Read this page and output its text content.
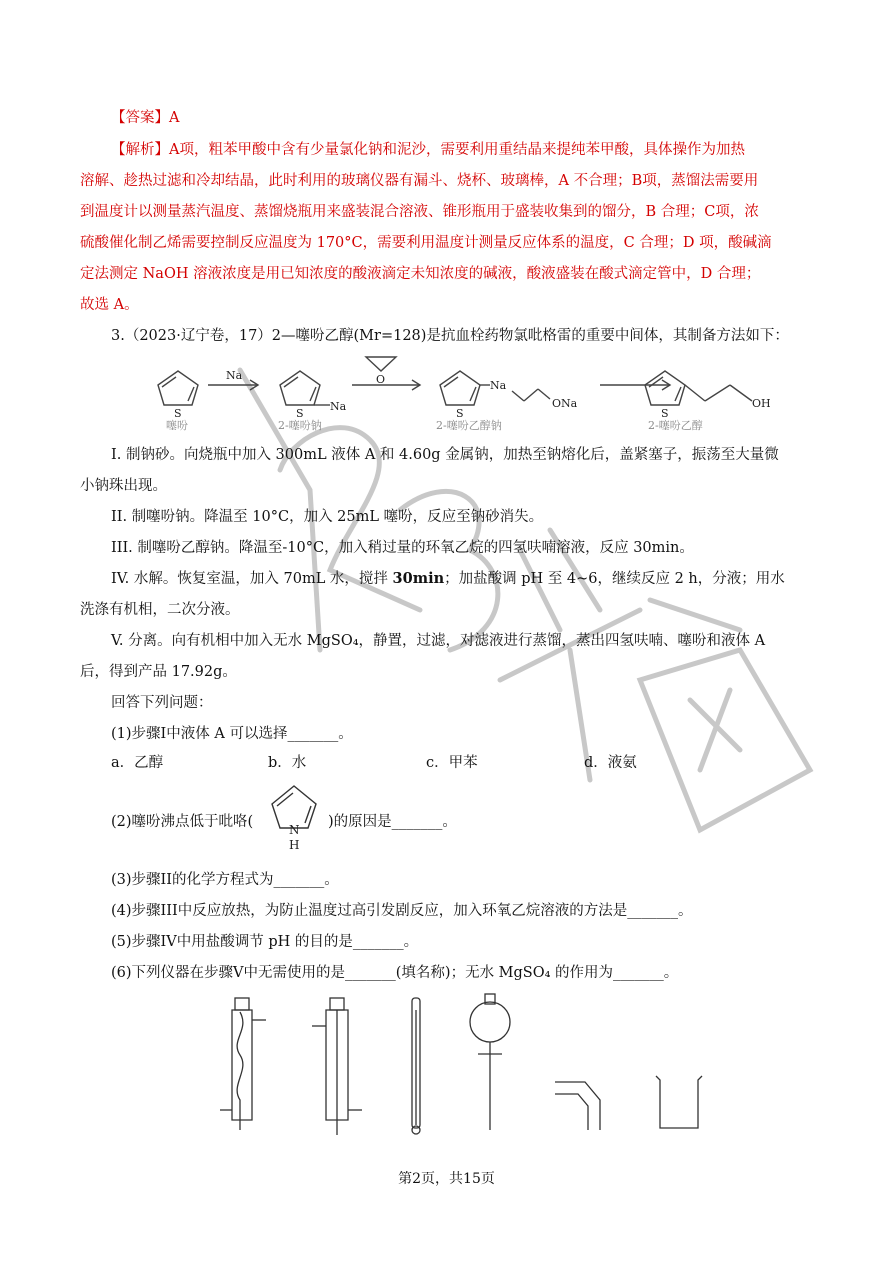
【答案】A
【解析】A项，粗苯甲酸中含有少量氯化钠和泥沙，需要利用重结晶来提纯苯甲酸，具体操作为加热
溶解、趁热过滤和冷却结晶，此时利用的玻璃仪器有漏斗、烧杯、玻璃棒，A 不合理；B项，蒸馏法需要用
到温度计以测量蒸汽温度、蒸馏烧瓶用来盛装混合溶液、锥形瓶用于盛装收集到的馏分，B 合理；C项，浓
硫酸催化制乙烯需要控制反应温度为 170°C，需要利用温度计测量反应体系的温度，C 合理；D 项，酸碱滴
定法测定 NaOH 溶液浓度是用已知浓度的酸液滴定未知浓度的碱液，酸液盛装在酸式滴定管中，D 合理；
故选 A。
3.（2023·辽宁卷，17）2—噻吩乙醇(Mr=128)是抗血栓药物氯吡格雷的重要中间体，其制备方法如下：
S
噻吩
Na
S
Na
2-噻吩钠
O
S
Na
ONa
2-噻吩乙醇钠
S
OH
2-噻吩乙醇
I. 制钠砂。向烧瓶中加入 300mL 液体 A 和 4.60g 金属钠，加热至钠熔化后，盖紧塞子，振荡至大量微
小钠珠出现。
II. 制噻吩钠。降温至 10°C，加入 25mL 噻吩，反应至钠砂消失。
III. 制噻吩乙醇钠。降温至-10°C，加入稍过量的环氧乙烷的四氢呋喃溶液，反应 30min。
IV. 水解。恢复室温，加入 70mL 水，搅拌 30min；加盐酸调 pH 至 4~6，继续反应 2 h，分液；用水
洗涤有机相，二次分液。
V. 分离。向有机相中加入无水 MgSO₄，静置，过滤，对滤液进行蒸馏，蒸出四氢呋喃、噻吩和液体 A
后，得到产品 17.92g。
回答下列问题：
(1)步骤I中液体 A 可以选择_______。
a．乙醇	b．水	c．甲苯	d．液氨
(2)噻吩沸点低于吡咯(	N
H
)的原因是_______。
(3)步骤II的化学方程式为_______。
(4)步骤III中反应放热，为防止温度过高引发剧反应，加入环氧乙烷溶液的方法是_______。
(5)步骤IV中用盐酸调节 pH 的目的是_______。
(6)下列仪器在步骤V中无需使用的是_______(填名称)；无水 MgSO₄ 的作用为_______。
第2页，共15页
